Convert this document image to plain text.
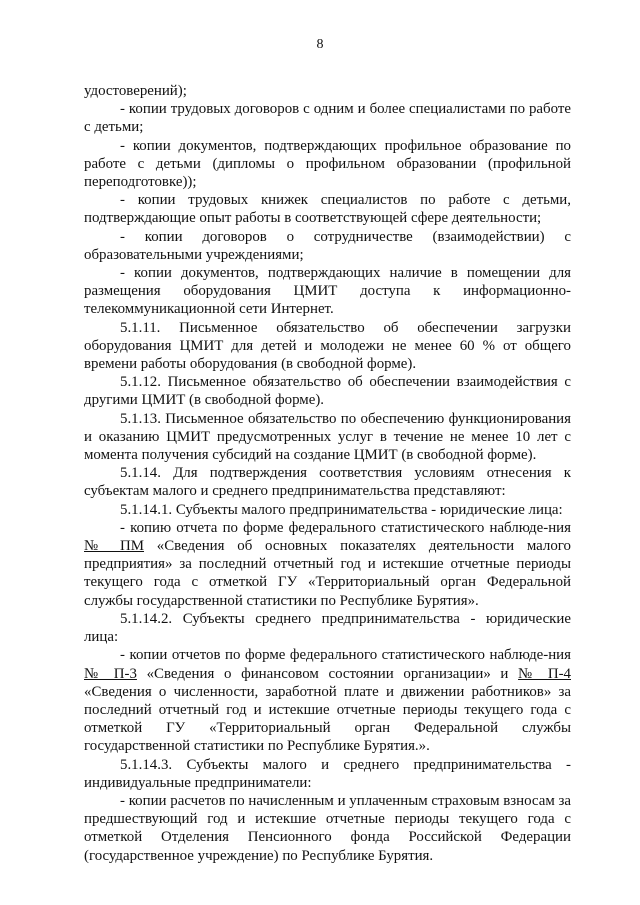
8

удостоверений);

- копии трудовых договоров с одним и более специалистами по работе с детьми;

- копии документов, подтверждающих профильное образование по работе с детьми (дипломы о профильном образовании (профильной переподготовке));

- копии трудовых книжек специалистов по работе с детьми, подтверждающие опыт работы в соответствующей сфере деятельности;

- копии договоров о сотрудничестве (взаимодействии) с образовательными учреждениями;

- копии документов, подтверждающих наличие в помещении для размещения оборудования ЦМИТ доступа к информационно-телекоммуникационной сети Интернет.

5.1.11. Письменное обязательство об обеспечении загрузки оборудования ЦМИТ для детей и молодежи не менее 60 % от общего времени работы оборудования (в свободной форме).

5.1.12. Письменное обязательство об обеспечении взаимодействия с другими ЦМИТ (в свободной форме).

5.1.13. Письменное обязательство по обеспечению функционирования и оказанию ЦМИТ предусмотренных услуг в течение не менее 10 лет с момента получения субсидий на создание ЦМИТ (в свободной форме).

5.1.14. Для подтверждения соответствия условиям отнесения к субъектам малого и среднего предпринимательства представляют:

5.1.14.1. Субъекты малого предпринимательства - юридические лица:

- копию отчета по форме федерального статистического наблюде-ния № ПМ «Сведения об основных показателях деятельности малого предприятия» за последний отчетный год и истекшие отчетные периоды текущего года с отметкой ГУ «Территориальный орган Федеральной службы государственной статистики по Республике Бурятия».

5.1.14.2. Субъекты среднего предпринимательства - юридические лица:

- копии отчетов по форме федерального статистического наблюде-ния № П-3 «Сведения о финансовом состоянии организации» и № П-4 «Сведения о численности, заработной плате и движении работников» за последний отчетный год и истекшие отчетные периоды текущего года с отметкой ГУ «Территориальный орган Федеральной службы государственной статистики по Республике Бурятия.».

5.1.14.3. Субъекты малого и среднего предпринимательства - индивидуальные предприниматели:

- копии расчетов по начисленным и уплаченным страховым взносам за предшествующий год и истекшие отчетные периоды текущего года с отметкой Отделения Пенсионного фонда Российской Федерации (государственное учреждение) по Республике Бурятия.
